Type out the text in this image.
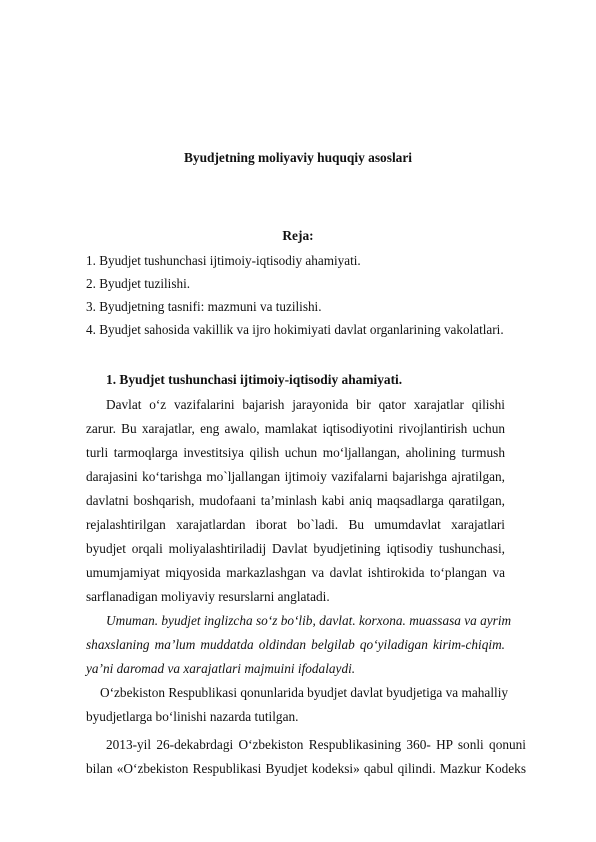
Byudjetning moliyaviy huquqiy asoslari
Reja:
1. Byudjet tushunchasi ijtimoiy-iqtisodiy ahamiyati.
2. Byudjet tuzilishi.
3. Byudjetning tasnifi: mazmuni va tuzilishi.
4. Byudjet sahosida vakillik va ijro hokimiyati davlat organlarining vakolatlari.
1. Byudjet tushunchasi ijtimoiy-iqtisodiy ahamiyati.
Davlat o‘z vazifalarini bajarish jarayonida bir qator xarajatlar qilishi
zarur. Bu xarajatlar, eng awalo, mamlakat iqtisodiyotini rivojlantirish uchun
turli tarmoqlarga investitsiya qilish uchun mo‘ljallangan, aholining turmush
darajasini ko‘tarishga mo`ljallangan ijtimoiy vazifalarni bajarishga ajratilgan,
davlatni boshqarish, mudofaani ta’minlash kabi aniq maqsadlarga qaratilgan,
rejalashtirilgan xarajatlardan iborat bo`ladi. Bu umumdavlat xarajatlari
byudjet orqali moliyalashtiriladij Davlat byudjetining iqtisodiy tushunchasi,
umumjamiyat miqyosida markazlashgan va davlat ishtirokida to‘plangan va
sarflanadigan moliyaviy resurslarni anglatadi.
Umuman. byudjet inglizcha so‘z bo‘lib, davlat. korxona. muassasa va ayrim
shaxslaning ma’lum muddatda oldindan belgilab qo‘yiladigan kirim-chiqim.
ya’ni daromad va xarajatlari majmuini ifodalaydi.
O‘zbekiston Respublikasi qonunlarida byudjet davlat byudjetiga va mahalliy
byudjetlarga bo‘linishi nazarda tutilgan.
2013-yil 26-dekabrdagi O‘zbekiston Respublikasining 360- HP sonli qonuni
bilan «O‘zbekiston Respublikasi Byudjet kodeksi» qabul qilindi. Mazkur Kodeks
